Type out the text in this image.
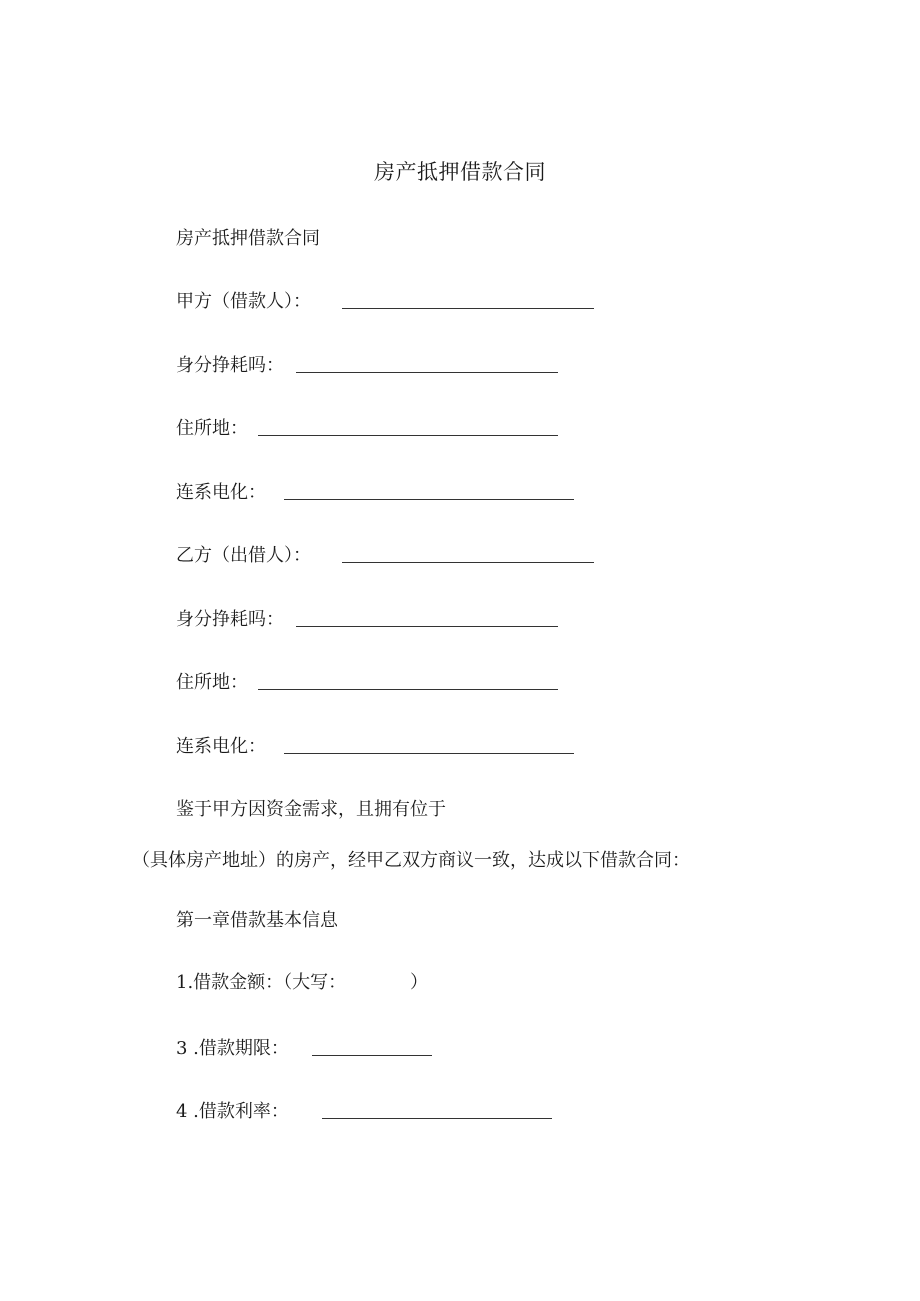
房产抵押借款合同
房产抵押借款合同
甲方（借款人）：
身分挣耗吗：
住所地：
连系电化：
乙方（出借人）：
身分挣耗吗：
住所地：
连系电化：
鉴于甲方因资金需求，且拥有位于
（具体房产地址）的房产，经甲乙双方商议一致，达成以下借款合同：
第一章借款基本信息
1.借款金额：（大写：	）
3 .借款期限：
4 .借款利率：
